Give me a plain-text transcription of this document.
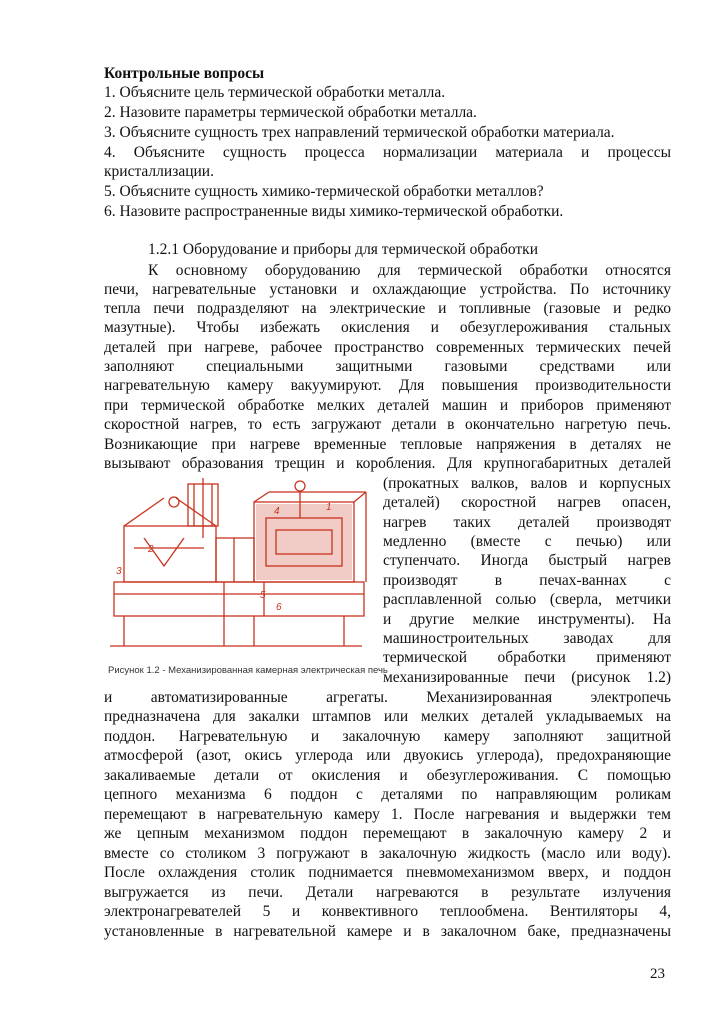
Контрольные вопросы
1. Объясните цель термической обработки металла.
2. Назовите параметры термической обработки металла.
3. Объясните сущность трех направлений термической обработки материала.
4. Объясните сущность процесса нормализации материала и процессы
кристаллизации.
5. Объясните сущность химико-термической обработки металлов?
6. Назовите распространенные виды химико-термической обработки.
1.2.1 Оборудование и приборы для термической обработки
К основному оборудованию для термической обработки относятся
печи, нагревательные установки и охлаждающие устройства. По источнику
тепла печи подразделяют на электрические и топливные (газовые и редко
мазутные). Чтобы избежать окисления и обезуглероживания стальных
деталей при нагреве, рабочее пространство современных термических печей
заполняют специальными защитными газовыми средствами или
нагревательную камеру вакуумируют. Для повышения производительности
при термической обработке мелких деталей машин и приборов применяют
скоростной нагрев, то есть загружают детали в окончательно нагретую печь.
Возникающие при нагреве временные тепловые напряжения в деталях не
вызывают образования трещин и коробления. Для крупногабаритных деталей
2
3
4
5
6
1
Рисунок 1.2 - Механизированная камерная электрическая печь
(прокатных валков, валов и корпусных
деталей) скоростной нагрев опасен,
нагрев таких деталей производят
медленно (вместе с печью) или
ступенчато. Иногда быстрый нагрев
производят в печах-ваннах с
расплавленной солью (сверла, метчики
и другие мелкие инструменты). На
машиностроительных заводах для
термической обработки применяют
механизированные печи (рисунок 1.2)
и автоматизированные агрегаты. Механизированная электропечь
предназначена для закалки штампов или мелких деталей укладываемых на
поддон. Нагревательную и закалочную камеру заполняют защитной
атмосферой (азот, окись углерода или двуокись углерода), предохраняющие
закаливаемые детали от окисления и обезуглероживания. С помощью
цепного механизма 6 поддон с деталями по направляющим роликам
перемещают в нагревательную камеру 1. После нагревания и выдержки тем
же цепным механизмом поддон перемещают в закалочную камеру 2 и
вместе со столиком 3 погружают в закалочную жидкость (масло или воду).
После охлаждения столик поднимается пневмомеханизмом вверх, и поддон
выгружается из печи. Детали нагреваются в результате излучения
электронагревателей 5 и конвективного теплообмена. Вентиляторы 4,
установленные в нагревательной камере и в закалочном баке, предназначены
23
